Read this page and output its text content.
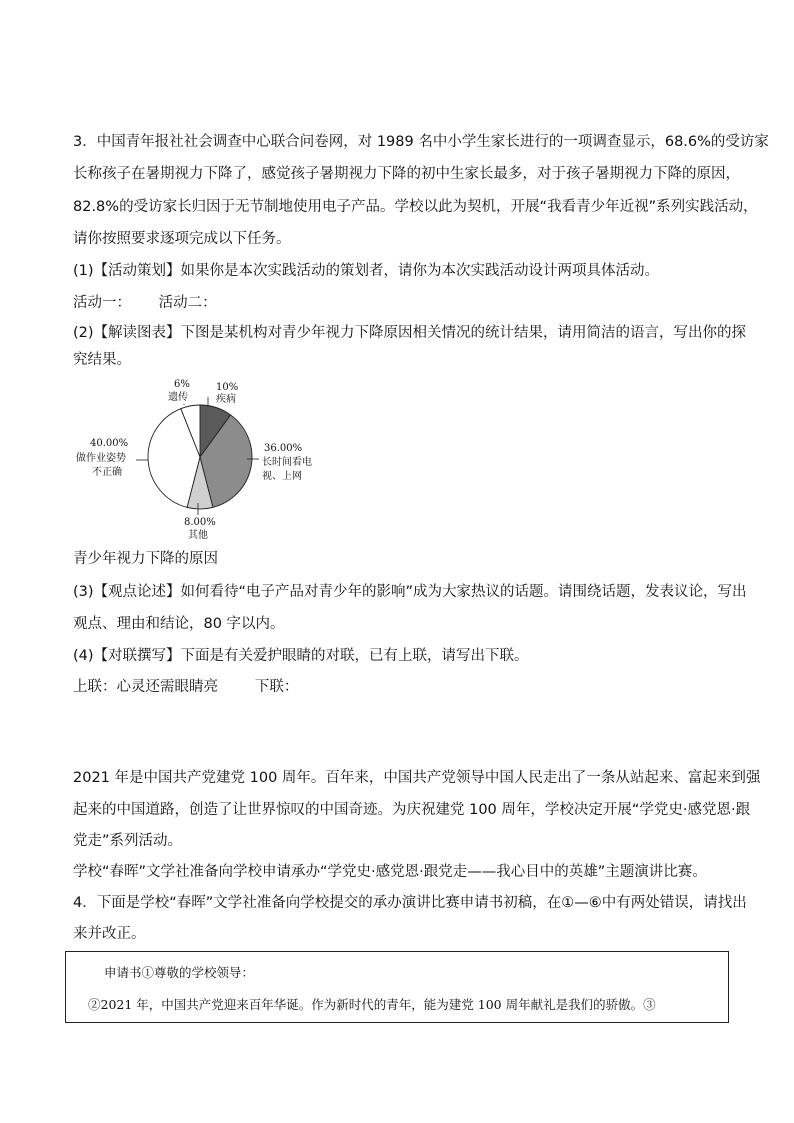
3．中国青年报社社会调查中心联合问卷网，对 1989 名中小学生家长进行的一项调查显示，68.6%的受访家
长称孩子在暑期视力下降了，感觉孩子暑期视力下降的初中生家长最多，对于孩子暑期视力下降的原因，
82.8%的受访家长归因于无节制地使用电子产品。学校以此为契机，开展“我看青少年近视”系列实践活动，
请你按照要求逐项完成以下任务。
(1)【活动策划】如果你是本次实践活动的策划者，请你为本次实践活动设计两项具体活动。
活动一：      活动二：
(2)【解读图表】下图是某机构对青少年视力下降原因相关情况的统计结果，请用简洁的语言，写出你的探
究结果。
10%
疾病
6%
遗传
36.00%
长时间看电
视、上网
8.00%
其他
40.00%
做作业姿势
不正确
青少年视力下降的原因
(3)【观点论述】如何看待“电子产品对青少年的影响”成为大家热议的话题。请围绕话题，发表议论，写出
观点、理由和结论，80 字以内。
(4)【对联撰写】下面是有关爱护眼睛的对联，已有上联，请写出下联。
上联：心灵还需眼睛亮        下联：
2021 年是中国共产党建党 100 周年。百年来，中国共产党领导中国人民走出了一条从站起来、富起来到强
起来的中国道路，创造了让世界惊叹的中国奇迹。为庆祝建党 100 周年，学校决定开展“学党史·感党恩·跟
党走”系列活动。
学校“春晖”文学社准备向学校申请承办“学党史·感党恩·跟党走——我心目中的英雄”主题演讲比赛。
4．下面是学校“春晖”文学社准备向学校提交的承办演讲比赛申请书初稿，在①—⑥中有两处错误，请找出
来并改正。
申请书①尊敬的学校领导：
②2021 年，中国共产党迎来百年华诞。作为新时代的青年，能为建党 100 周年献礼是我们的骄傲。③
